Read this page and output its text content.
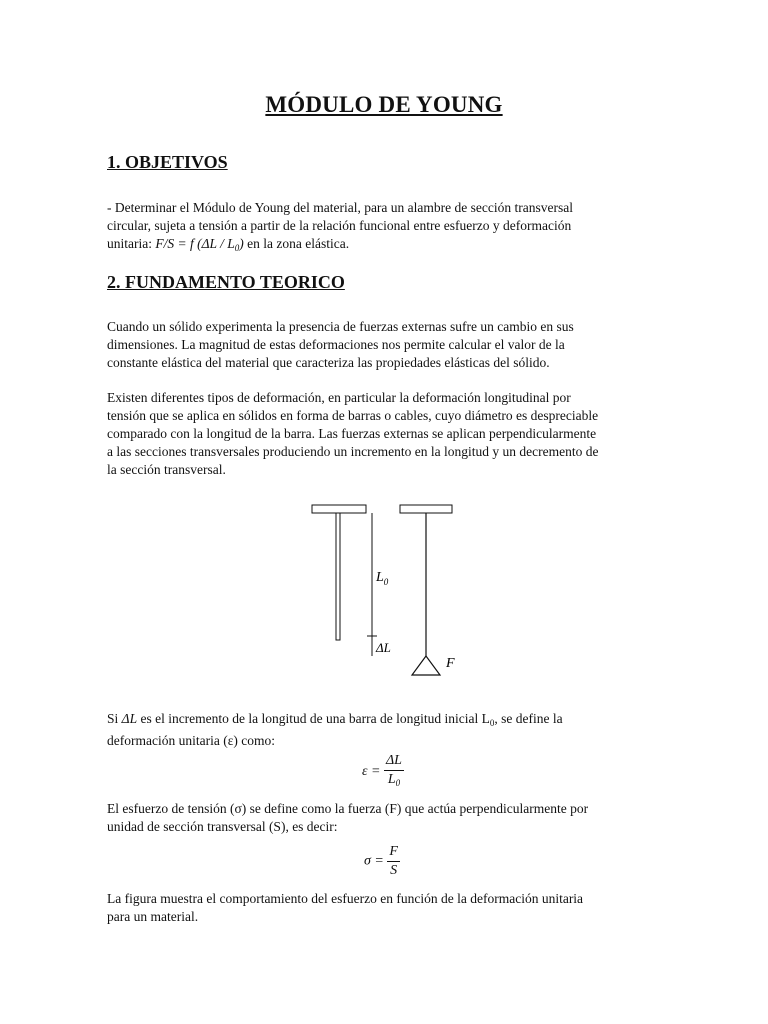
MÓDULO DE YOUNG
1. OBJETIVOS

- Determinar el Módulo de Young del material, para un alambre de sección transversal
circular, sujeta a tensión a partir de la relación funcional entre esfuerzo y deformación
unitaria: F/S = f $(\Delta L / L_0)$ en la zona elástica.

2. FUNDAMENTO TEORICO

Cuando un sólido experimenta la presencia de fuerzas externas sufre un cambio en sus
dimensiones. La magnitud de estas deformaciones nos permite calcular el valor de la
constante elástica del material que caracteriza las propiedades elásticas del sólido.

Existen diferentes tipos de deformación, en particular la deformación longitudinal por
tensión que se aplica en sólidos en forma de barras o cables, cuyo diámetro es despreciable
comparado con la longitud de la barra. Las fuerzas externas se aplican perpendicularmente
a las secciones transversales produciendo un incremento en la longitud y un decremento de
la sección transversal.

$L_0$
ΔL
F

Si ΔL es el incremento de la longitud de una barra de longitud inicial $L_0$, se define la
deformación unitaria (ε) como:

$\varepsilon = \frac{\Delta L}{L_0}$

El esfuerzo de tensión (σ) se define como la fuerza (F) que actúa perpendicularmente por
unidad de sección transversal (S), es decir:

$\sigma = \frac{F}{S}$

La figura muestra el comportamiento del esfuerzo en función de la deformación unitaria
para un material.
